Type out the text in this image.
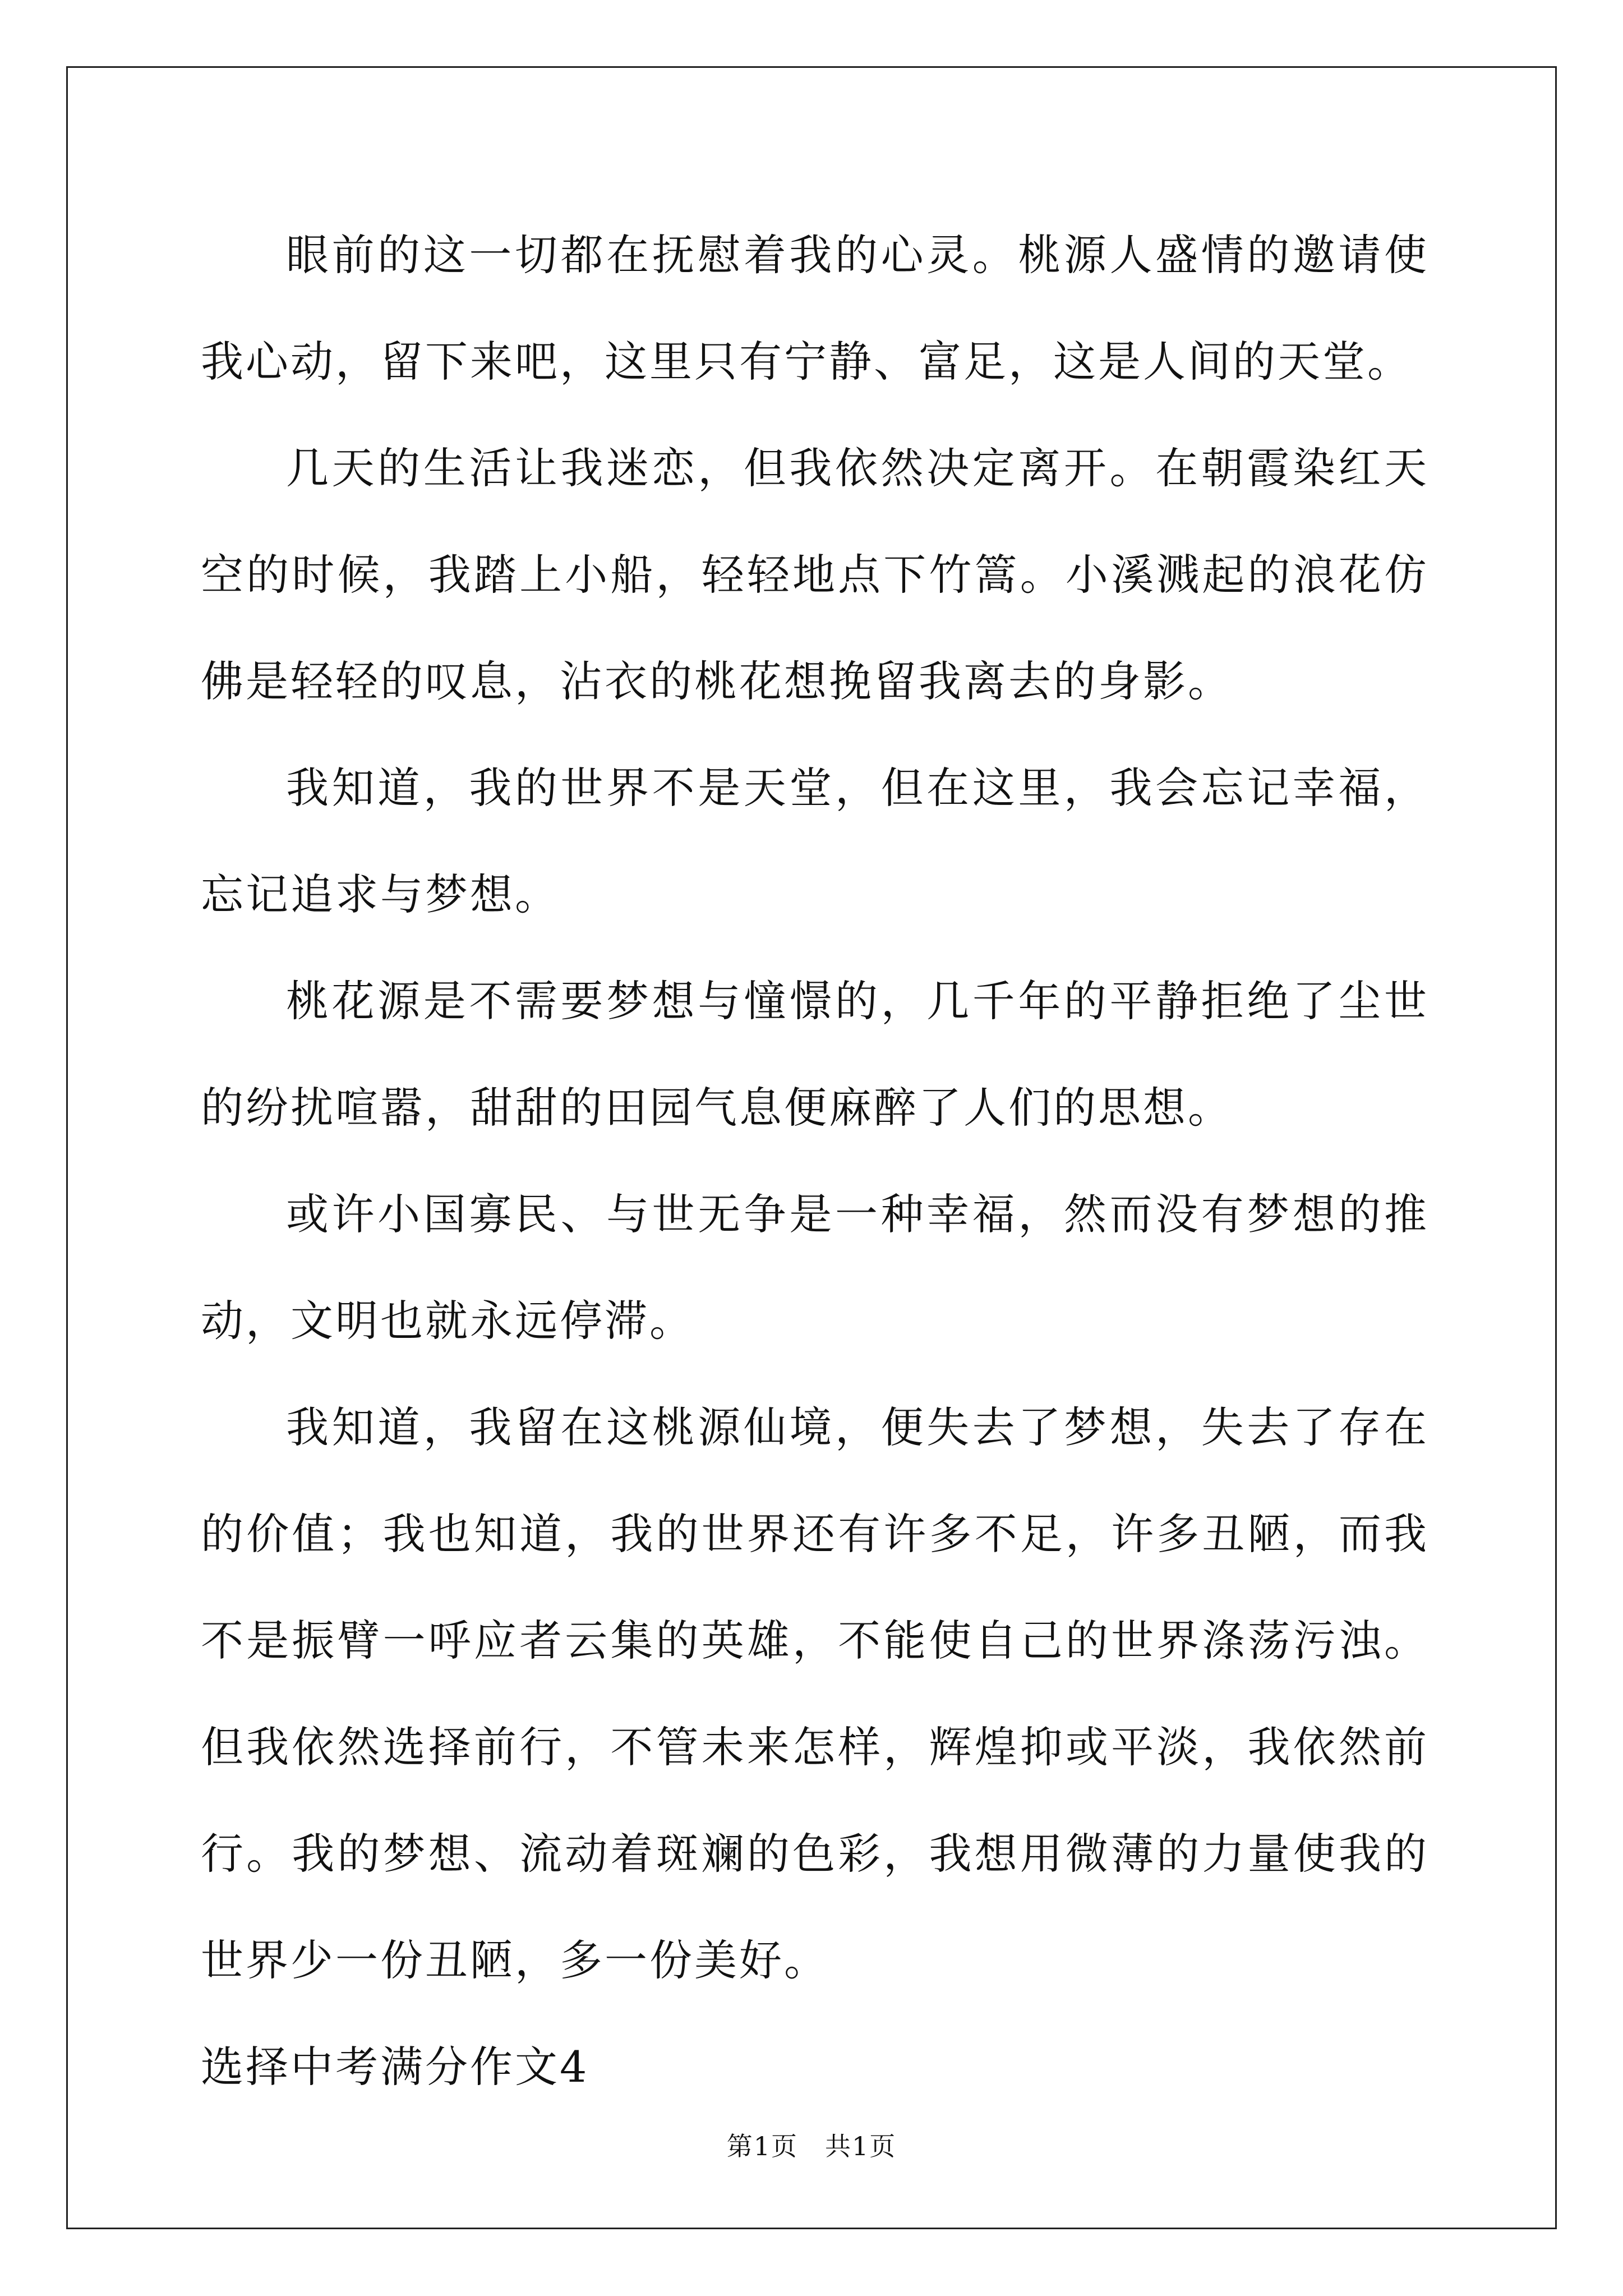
眼前的这一切都在抚慰着我的心灵。桃源人盛情的邀请使我心动，留下来吧，这里只有宁静、富足，这是人间的天堂。

几天的生活让我迷恋，但我依然决定离开。在朝霞染红天空的时候，我踏上小船，轻轻地点下竹篙。小溪溅起的浪花仿佛是轻轻的叹息，沾衣的桃花想挽留我离去的身影。

我知道，我的世界不是天堂，但在这里，我会忘记幸福，忘记追求与梦想。

桃花源是不需要梦想与憧憬的，几千年的平静拒绝了尘世的纷扰喧嚣，甜甜的田园气息便麻醉了人们的思想。

或许小国寡民、与世无争是一种幸福，然而没有梦想的推动，文明也就永远停滞。

我知道，我留在这桃源仙境，便失去了梦想，失去了存在的价值；我也知道，我的世界还有许多不足，许多丑陋，而我不是振臂一呼应者云集的英雄，不能使自己的世界涤荡污浊。但我依然选择前行，不管未来怎样，辉煌抑或平淡，我依然前行。我的梦想、流动着斑斓的色彩，我想用微薄的力量使我的世界少一份丑陋，多一份美好。

选择中考满分作文4

第1页　共1页
